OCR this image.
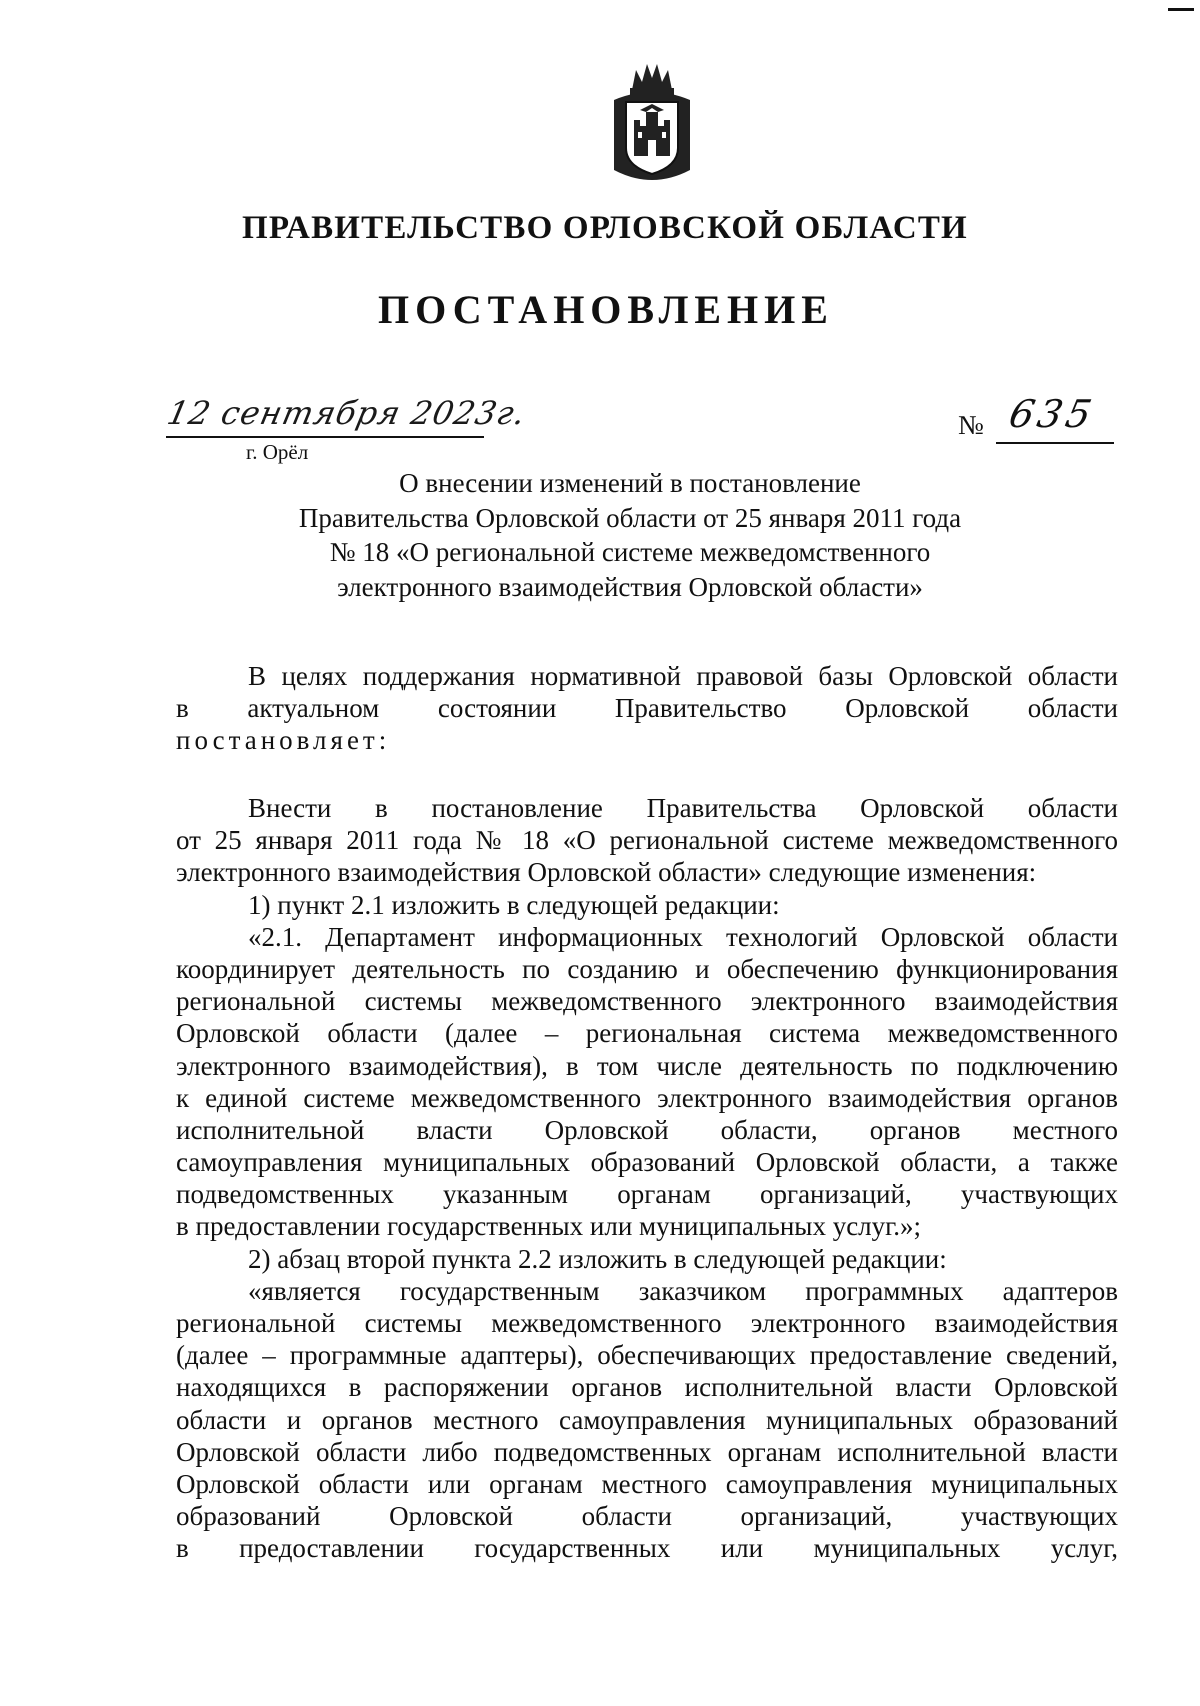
ПРАВИТЕЛЬСТВО ОРЛОВСКОЙ ОБЛАСТИ
ПОСТАНОВЛЕНИЕ
12 сентября 2023г.
г. Орёл
№ 635
О внесении изменений в постановление
Правительства Орловской области от 25 января 2011 года
№ 18 «О региональной системе межведомственного
электронного взаимодействия Орловской области»
В целях поддержания нормативной правовой базы Орловской области
в актуальном состоянии Правительство Орловской области
постановляет:
Внести в постановление Правительства Орловской области
от 25 января 2011 года № 18 «О региональной системе межведомственного
электронного взаимодействия Орловской области» следующие изменения:
1) пункт 2.1 изложить в следующей редакции:
«2.1. Департамент информационных технологий Орловской области
координирует деятельность по созданию и обеспечению функционирования
региональной системы межведомственного электронного взаимодействия
Орловской области (далее – региональная система межведомственного
электронного взаимодействия), в том числе деятельность по подключению
к единой системе межведомственного электронного взаимодействия органов
исполнительной власти Орловской области, органов местного
самоуправления муниципальных образований Орловской области, а также
подведомственных указанным органам организаций, участвующих
в предоставлении государственных или муниципальных услуг.»;
2) абзац второй пункта 2.2 изложить в следующей редакции:
«является государственным заказчиком программных адаптеров
региональной системы межведомственного электронного взаимодействия
(далее – программные адаптеры), обеспечивающих предоставление сведений,
находящихся в распоряжении органов исполнительной власти Орловской
области и органов местного самоуправления муниципальных образований
Орловской области либо подведомственных органам исполнительной власти
Орловской области или органам местного самоуправления муниципальных
образований Орловской области организаций, участвующих
в предоставлении государственных или муниципальных услуг,
